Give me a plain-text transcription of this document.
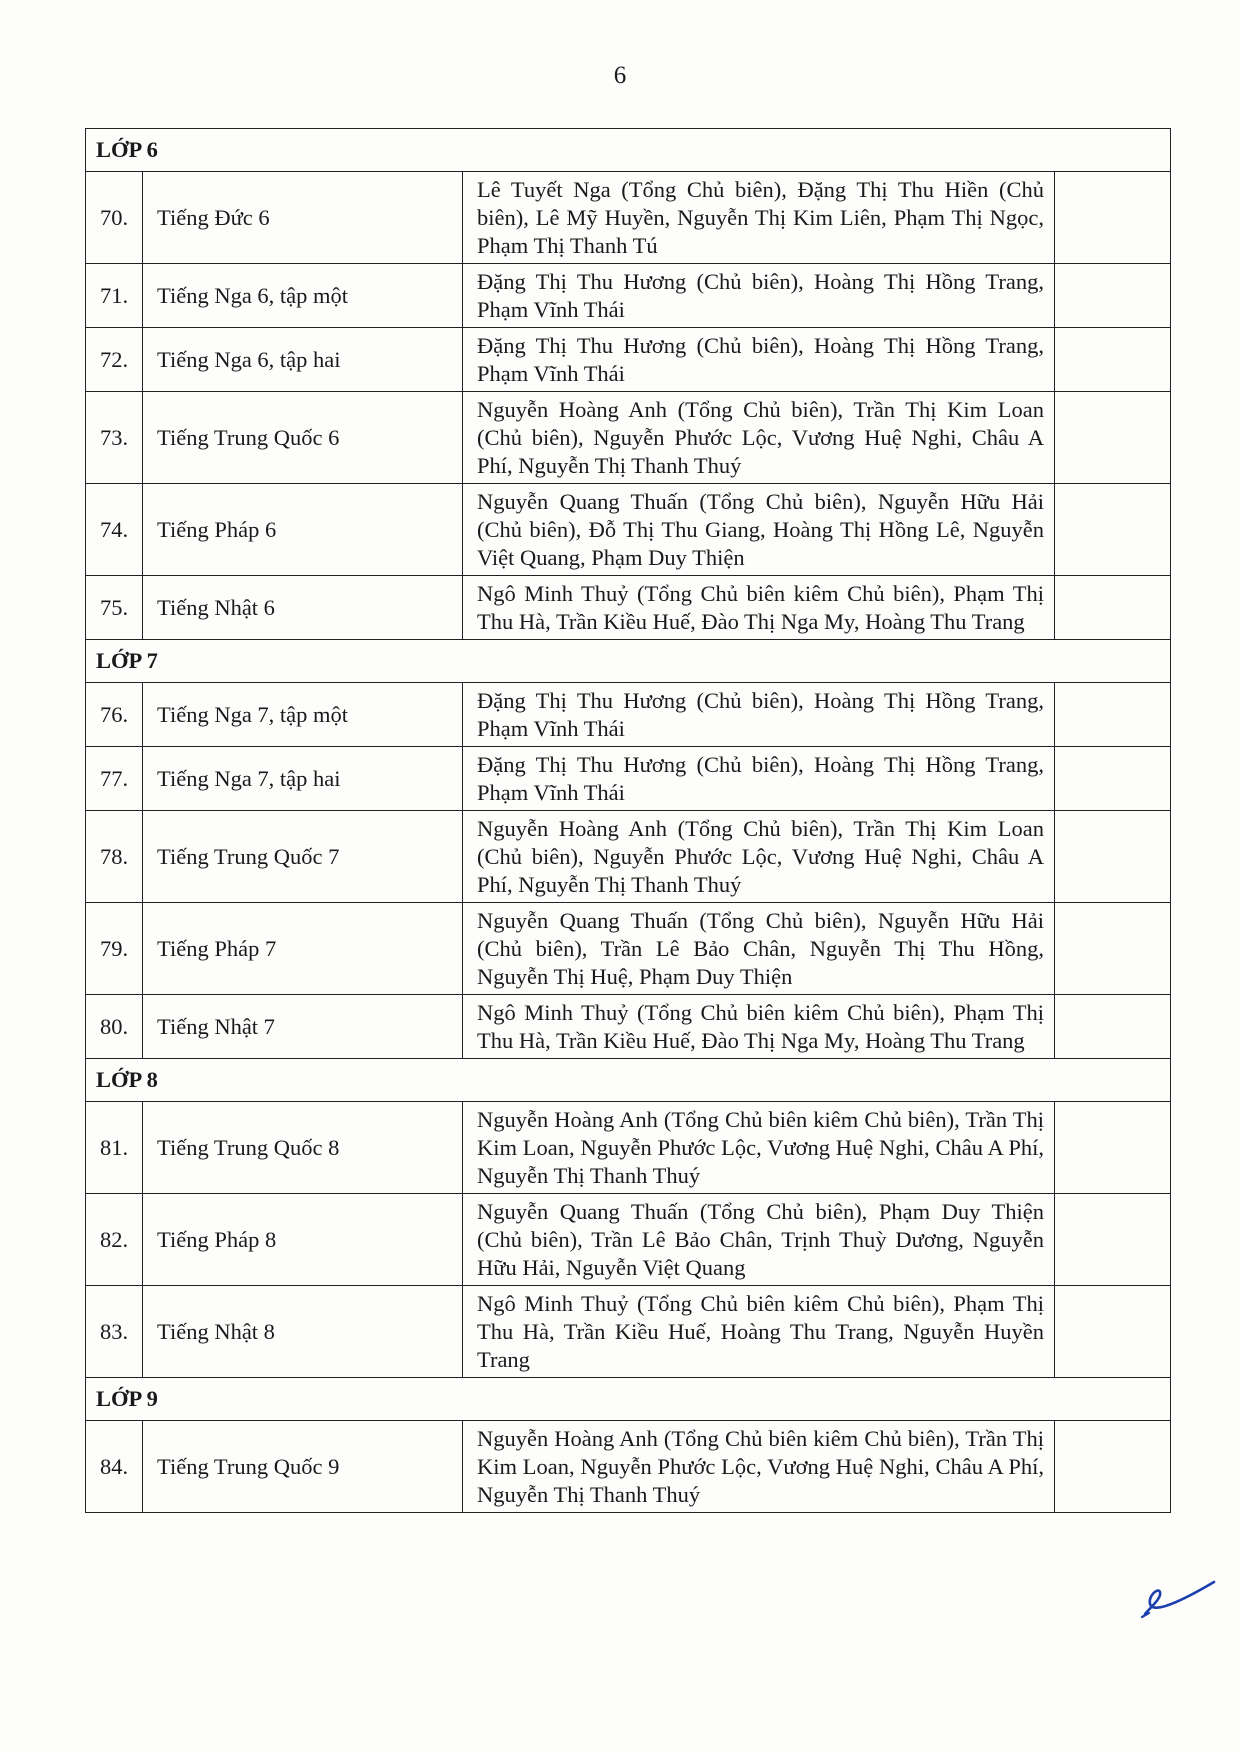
6
LỚP 6			
70.	Tiếng Đức 6	Lê Tuyết Nga (Tổng Chủ biên), Đặng Thị Thu Hiền (Chủ biên), Lê Mỹ Huyền, Nguyễn Thị Kim Liên, Phạm Thị Ngọc, Phạm Thị Thanh Tú	
71.	Tiếng Nga 6, tập một	Đặng Thị Thu Hương (Chủ biên), Hoàng Thị Hồng Trang, Phạm Vĩnh Thái	
72.	Tiếng Nga 6, tập hai	Đặng Thị Thu Hương (Chủ biên), Hoàng Thị Hồng Trang, Phạm Vĩnh Thái	
73.	Tiếng Trung Quốc 6	Nguyễn Hoàng Anh (Tổng Chủ biên), Trần Thị Kim Loan (Chủ biên), Nguyễn Phước Lộc, Vương Huệ Nghi, Châu A Phí, Nguyễn Thị Thanh Thuý	
74.	Tiếng Pháp 6	Nguyễn Quang Thuấn (Tổng Chủ biên), Nguyễn Hữu Hải (Chủ biên), Đỗ Thị Thu Giang, Hoàng Thị Hồng Lê, Nguyễn Việt Quang, Phạm Duy Thiện	
75.	Tiếng Nhật 6	Ngô Minh Thuỷ (Tổng Chủ biên kiêm Chủ biên), Phạm Thị Thu Hà, Trần Kiều Huế, Đào Thị Nga My, Hoàng Thu Trang	
LỚP 7			
76.	Tiếng Nga 7, tập một	Đặng Thị Thu Hương (Chủ biên), Hoàng Thị Hồng Trang, Phạm Vĩnh Thái	
77.	Tiếng Nga 7, tập hai	Đặng Thị Thu Hương (Chủ biên), Hoàng Thị Hồng Trang, Phạm Vĩnh Thái	
78.	Tiếng Trung Quốc 7	Nguyễn Hoàng Anh (Tổng Chủ biên), Trần Thị Kim Loan (Chủ biên), Nguyễn Phước Lộc, Vương Huệ Nghi, Châu A Phí, Nguyễn Thị Thanh Thuý	
79.	Tiếng Pháp 7	Nguyễn Quang Thuấn (Tổng Chủ biên), Nguyễn Hữu Hải (Chủ biên), Trần Lê Bảo Chân, Nguyễn Thị Thu Hồng, Nguyễn Thị Huệ, Phạm Duy Thiện	
80.	Tiếng Nhật 7	Ngô Minh Thuỷ (Tổng Chủ biên kiêm Chủ biên), Phạm Thị Thu Hà, Trần Kiều Huế, Đào Thị Nga My, Hoàng Thu Trang	
LỚP 8			
81.	Tiếng Trung Quốc 8	Nguyễn Hoàng Anh (Tổng Chủ biên kiêm Chủ biên), Trần Thị Kim Loan, Nguyễn Phước Lộc, Vương Huệ Nghi, Châu A Phí, Nguyễn Thị Thanh Thuý	
82.	Tiếng Pháp 8	Nguyễn Quang Thuấn (Tổng Chủ biên), Phạm Duy Thiện (Chủ biên), Trần Lê Bảo Chân, Trịnh Thuỳ Dương, Nguyễn Hữu Hải, Nguyễn Việt Quang	
83.	Tiếng Nhật 8	Ngô Minh Thuỷ (Tổng Chủ biên kiêm Chủ biên), Phạm Thị Thu Hà, Trần Kiều Huế, Hoàng Thu Trang, Nguyễn Huyền Trang	
LỚP 9			
84.	Tiếng Trung Quốc 9	Nguyễn Hoàng Anh (Tổng Chủ biên kiêm Chủ biên), Trần Thị Kim Loan, Nguyễn Phước Lộc, Vương Huệ Nghi, Châu A Phí, Nguyễn Thị Thanh Thuý	
